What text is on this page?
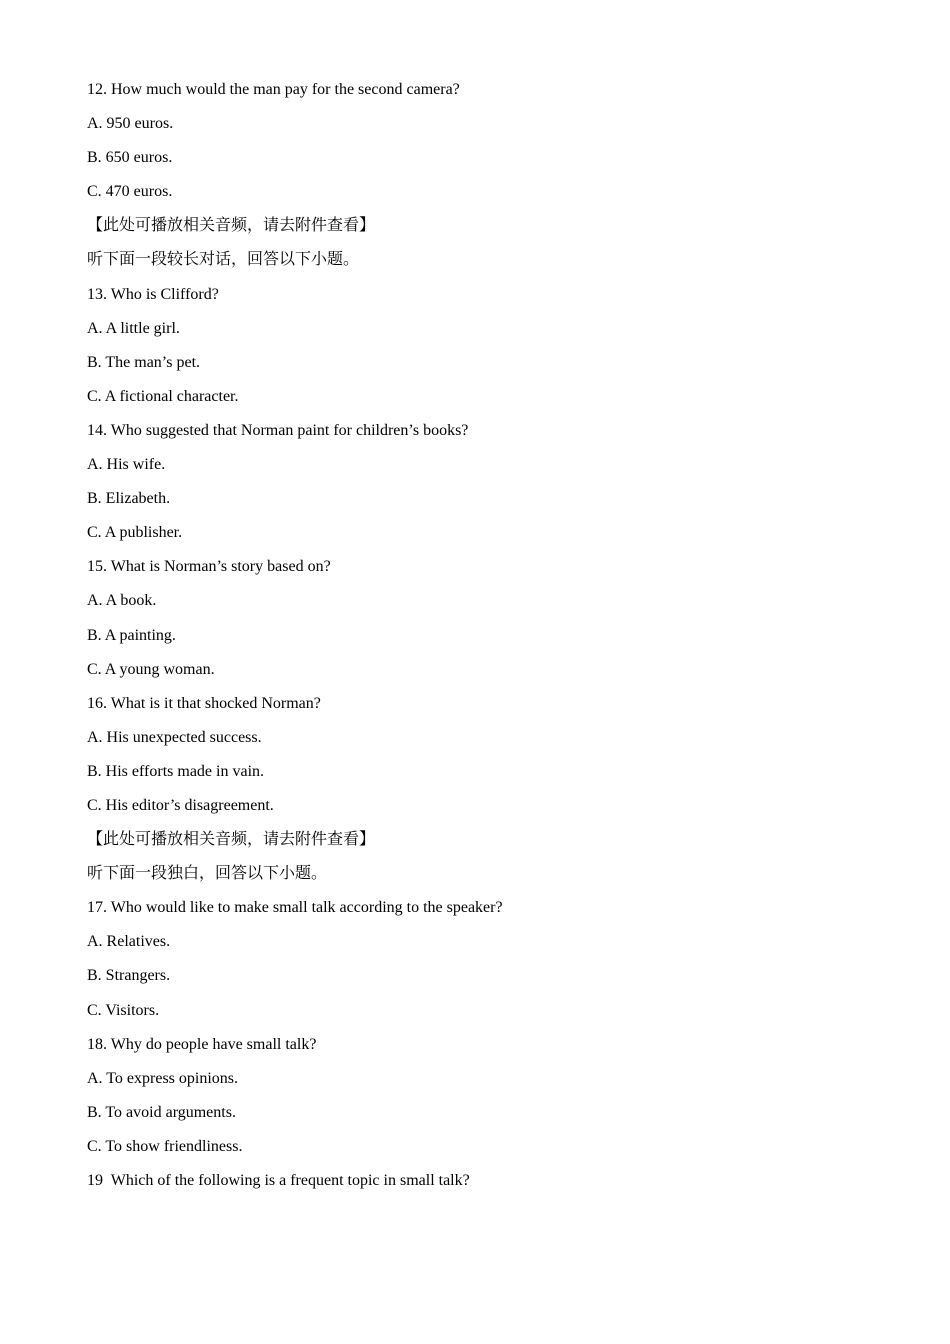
12. How much would the man pay for the second camera?
A. 950 euros.
B. 650 euros.
C. 470 euros.
【此处可播放相关音频，请去附件查看】
听下面一段较长对话，回答以下小题。
13. Who is Clifford?
A. A little girl.
B. The man’s pet.
C. A fictional character.
14. Who suggested that Norman paint for children’s books?
A. His wife.
B. Elizabeth.
C. A publisher.
15. What is Norman’s story based on?
A. A book.
B. A painting.
C. A young woman.
16. What is it that shocked Norman?
A. His unexpected success.
B. His efforts made in vain.
C. His editor’s disagreement.
【此处可播放相关音频，请去附件查看】
听下面一段独白，回答以下小题。
17. Who would like to make small talk according to the speaker?
A. Relatives.
B. Strangers.
C. Visitors.
18. Why do people have small talk?
A. To express opinions.
B. To avoid arguments.
C. To show friendliness.
19  Which of the following is a frequent topic in small talk?
